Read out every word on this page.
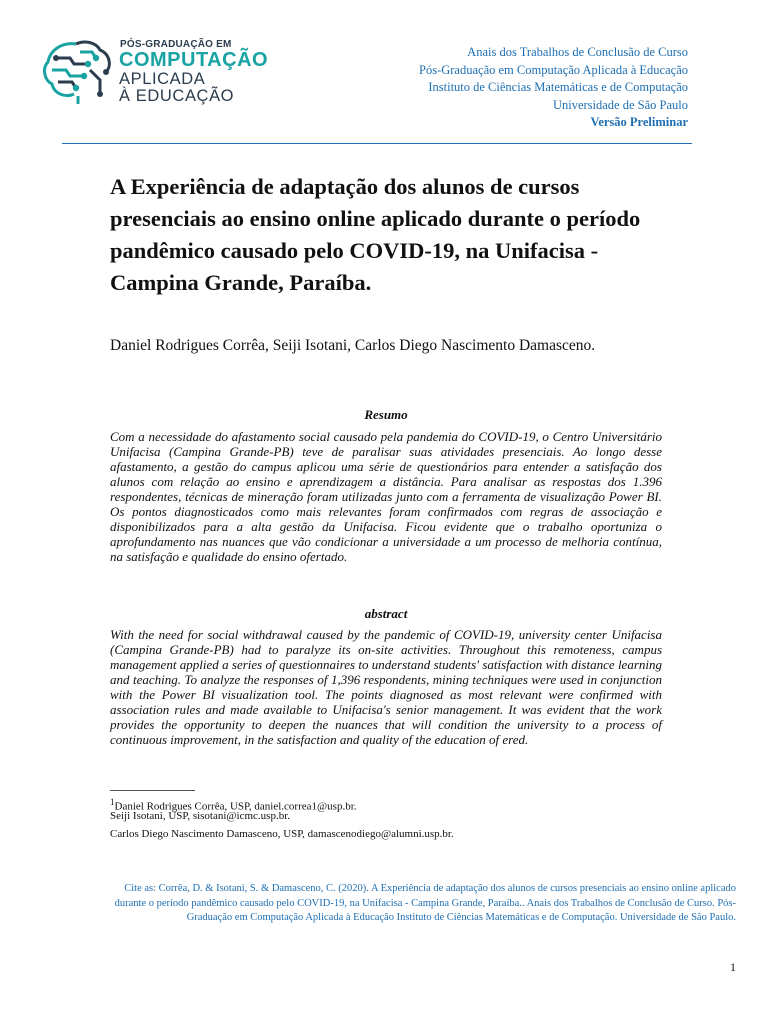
PÓS-GRADUAÇÃO EM
COMPUTAÇÃO
APLICADA
À EDUCAÇÃO
Anais dos Trabalhos de Conclusão de Curso
Pós-Graduação em Computação Aplicada à Educação
Instituto de Ciências Matemáticas e de Computação
Universidade de São Paulo
Versão Preliminar
A Experiência de adaptação dos alunos de cursos presenciais ao ensino online aplicado durante o período pandêmico causado pelo COVID-19, na Unifacisa - Campina Grande, Paraíba.
Daniel Rodrigues Corrêa, Seiji Isotani, Carlos Diego Nascimento Damasceno.
Resumo
Com a necessidade do afastamento social causado pela pandemia do COVID-19, o Centro Universitário Unifacisa (Campina Grande-PB) teve de paralisar suas atividades presenciais. Ao longo desse afastamento, a gestão do campus aplicou uma série de questionários para entender a satisfação dos alunos com relação ao ensino e aprendizagem a distância. Para analisar as respostas dos 1.396 respondentes, técnicas de mineração foram utilizadas junto com a ferramenta de visualização Power BI. Os pontos diagnosticados como mais relevantes foram confirmados com regras de associação e disponibilizados para a alta gestão da Unifacisa. Ficou evidente que o trabalho oportuniza o aprofundamento nas nuances que vão condicionar a universidade a um processo de melhoria contínua, na satisfação e qualidade do ensino ofertado.
abstract
With the need for social withdrawal caused by the pandemic of COVID-19, university center Unifacisa (Campina Grande-PB) had to paralyze its on-site activities. Throughout this remoteness, campus management applied a series of questionnaires to understand students' satisfaction with distance learning and teaching. To analyze the responses of 1,396 respondents, mining techniques were used in conjunction with the Power BI visualization tool. The points diagnosed as most relevant were confirmed with association rules and made available to Unifacisa's senior management. It was evident that the work provides the opportunity to deepen the nuances that will condition the university to a process of continuous improvement, in the satisfaction and quality of the education of ered.
$^1$Daniel Rodrigues Corrêa, USP, daniel.correa1@usp.br.
Seiji Isotani, USP, sisotani@icmc.usp.br.
Carlos Diego Nascimento Damasceno, USP, damascenodiego@alumni.usp.br.
Cite as: Corrêa, D. & Isotani, S. & Damasceno, C. (2020). A Experiência de adaptação dos alunos de cursos presenciais ao ensino online aplicado durante o período pandêmico causado pelo COVID-19, na Unifacisa - Campina Grande, Paraíba.. Anais dos Trabalhos de Conclusão de Curso. Pós-Graduação em Computação Aplicada à Educação Instituto de Ciências Matemáticas e de Computação. Universidade de São Paulo.
1
